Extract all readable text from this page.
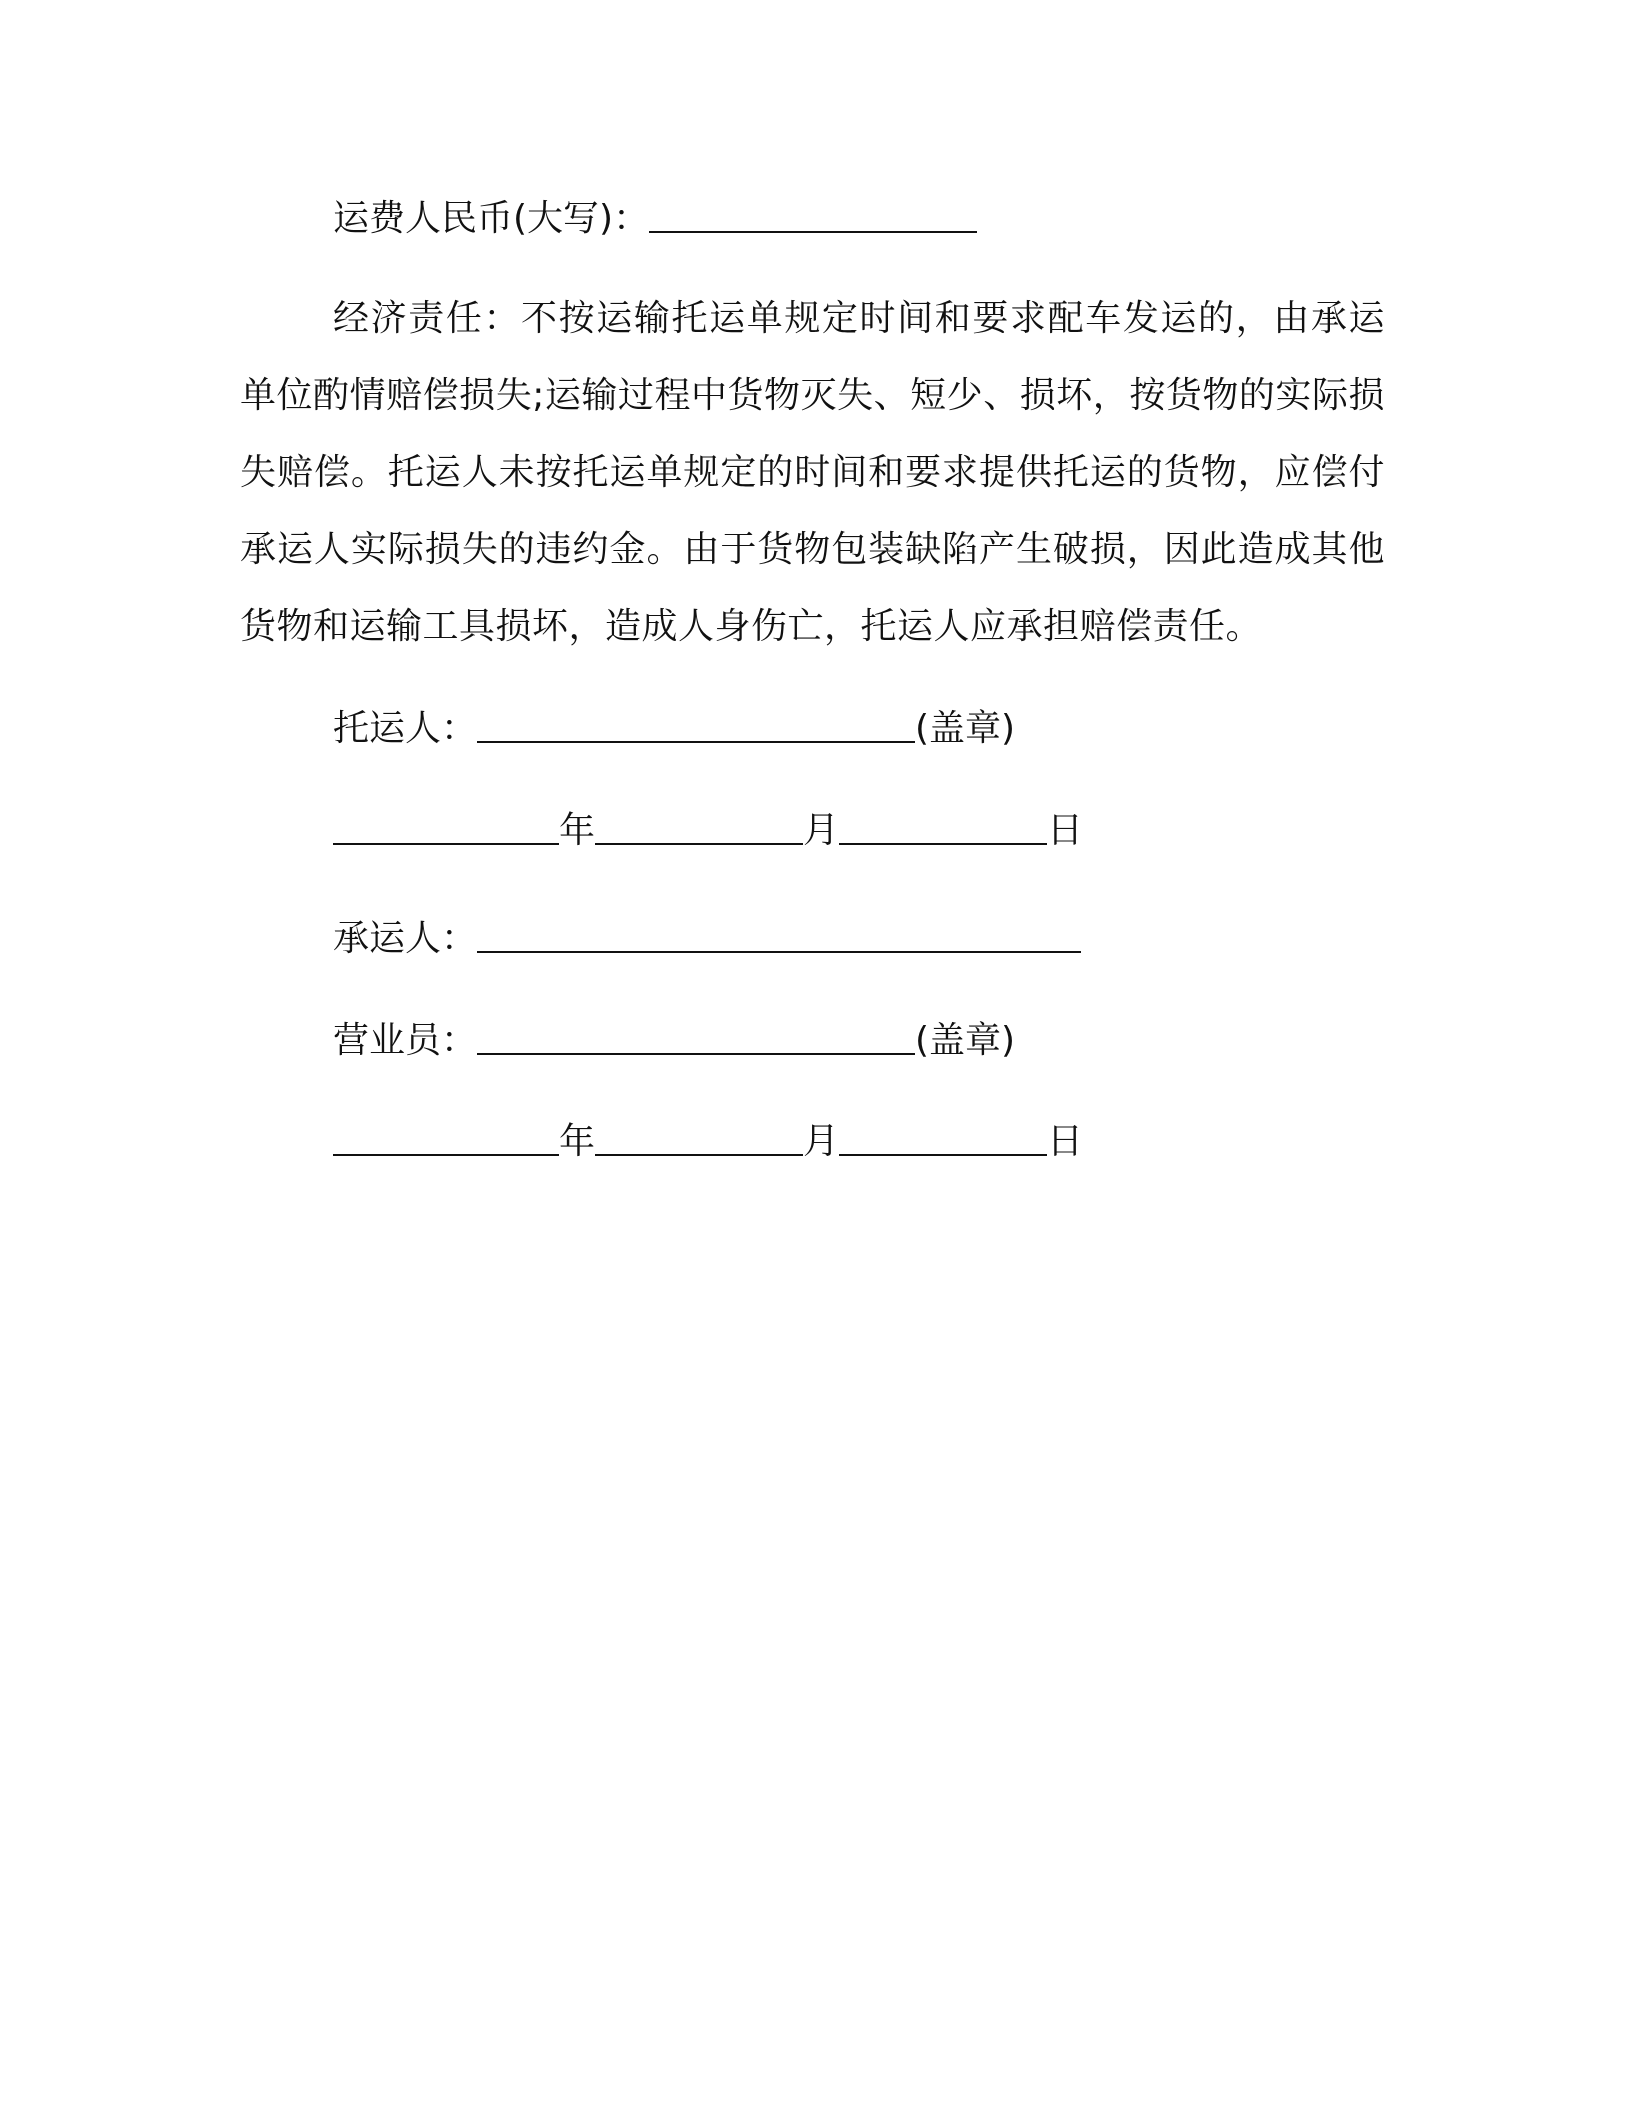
运费人民币(大写)：
经济责任：不按运输托运单规定时间和要求配车发运的，由承运单位酌情赔偿损失;运输过程中货物灭失、短少、损坏，按货物的实际损失赔偿。托运人未按托运单规定的时间和要求提供托运的货物，应偿付承运人实际损失的违约金。由于货物包装缺陷产生破损，因此造成其他货物和运输工具损坏，造成人身伤亡，托运人应承担赔偿责任。
托运人：	(盖章)
年	月	日
承运人：
营业员：	(盖章)
年	月	日
